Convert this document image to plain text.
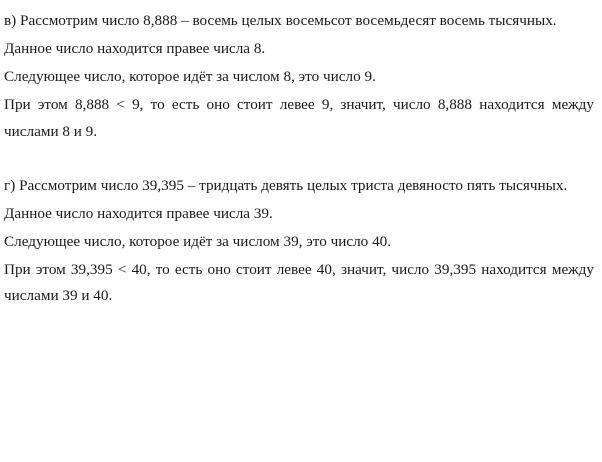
в) Рассмотрим число 8,888 – восемь целых восемьсот восемьдесят восемь тысячных.

Данное число находится правее числа 8.

Следующее число, которое идёт за числом 8, это число 9.

При этом 8,888 < 9, то есть оно стоит левее 9, значит, число 8,888 находится между числами 8 и 9.

г) Рассмотрим число 39,395 – тридцать девять целых триста девяносто пять тысячных.

Данное число находится правее числа 39.

Следующее число, которое идёт за числом 39, это число 40.

При этом 39,395 < 40, то есть оно стоит левее 40, значит, число 39,395 находится между числами 39 и 40.
